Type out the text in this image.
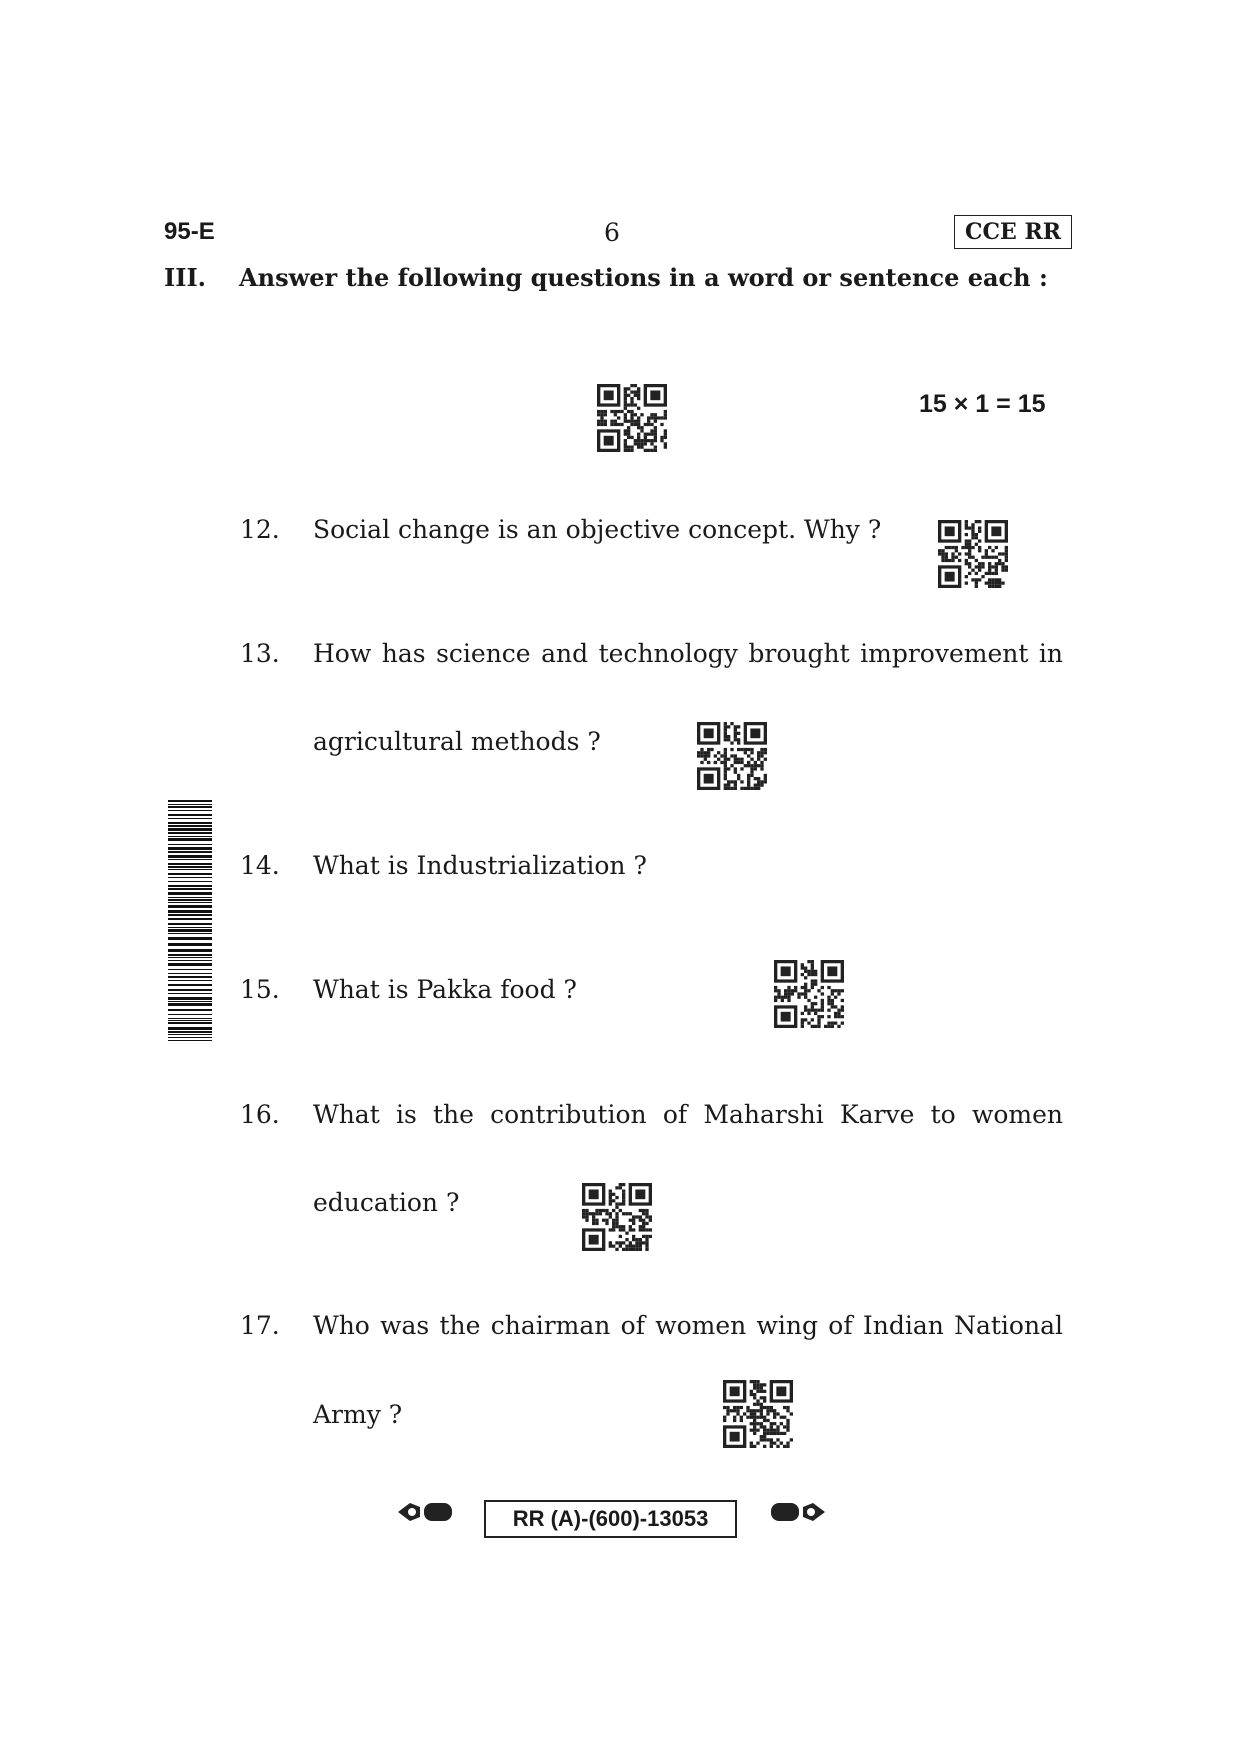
95-E	6	CCE RR
III. Answer the following questions in a word or sentence each :
15 × 1 = 15
12. Social change is an objective concept. Why ?
13. How has science and technology brought improvement in
agricultural methods ?
14. What is Industrialization ?
15. What is Pakka food ?
16. What is the contribution of Maharshi Karve to women
education ?
17. Who was the chairman of women wing of Indian National
Army ?
RR (A)-(600)-13053
